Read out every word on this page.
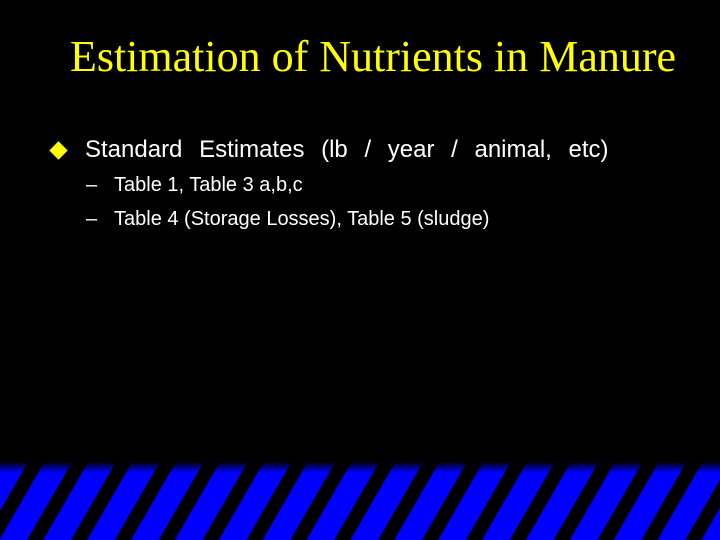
Estimation of Nutrients in Manure
Standard Estimates (lb / year / animal, etc)
– Table 1, Table 3 a,b,c
– Table 4 (Storage Losses), Table 5 (sludge)
